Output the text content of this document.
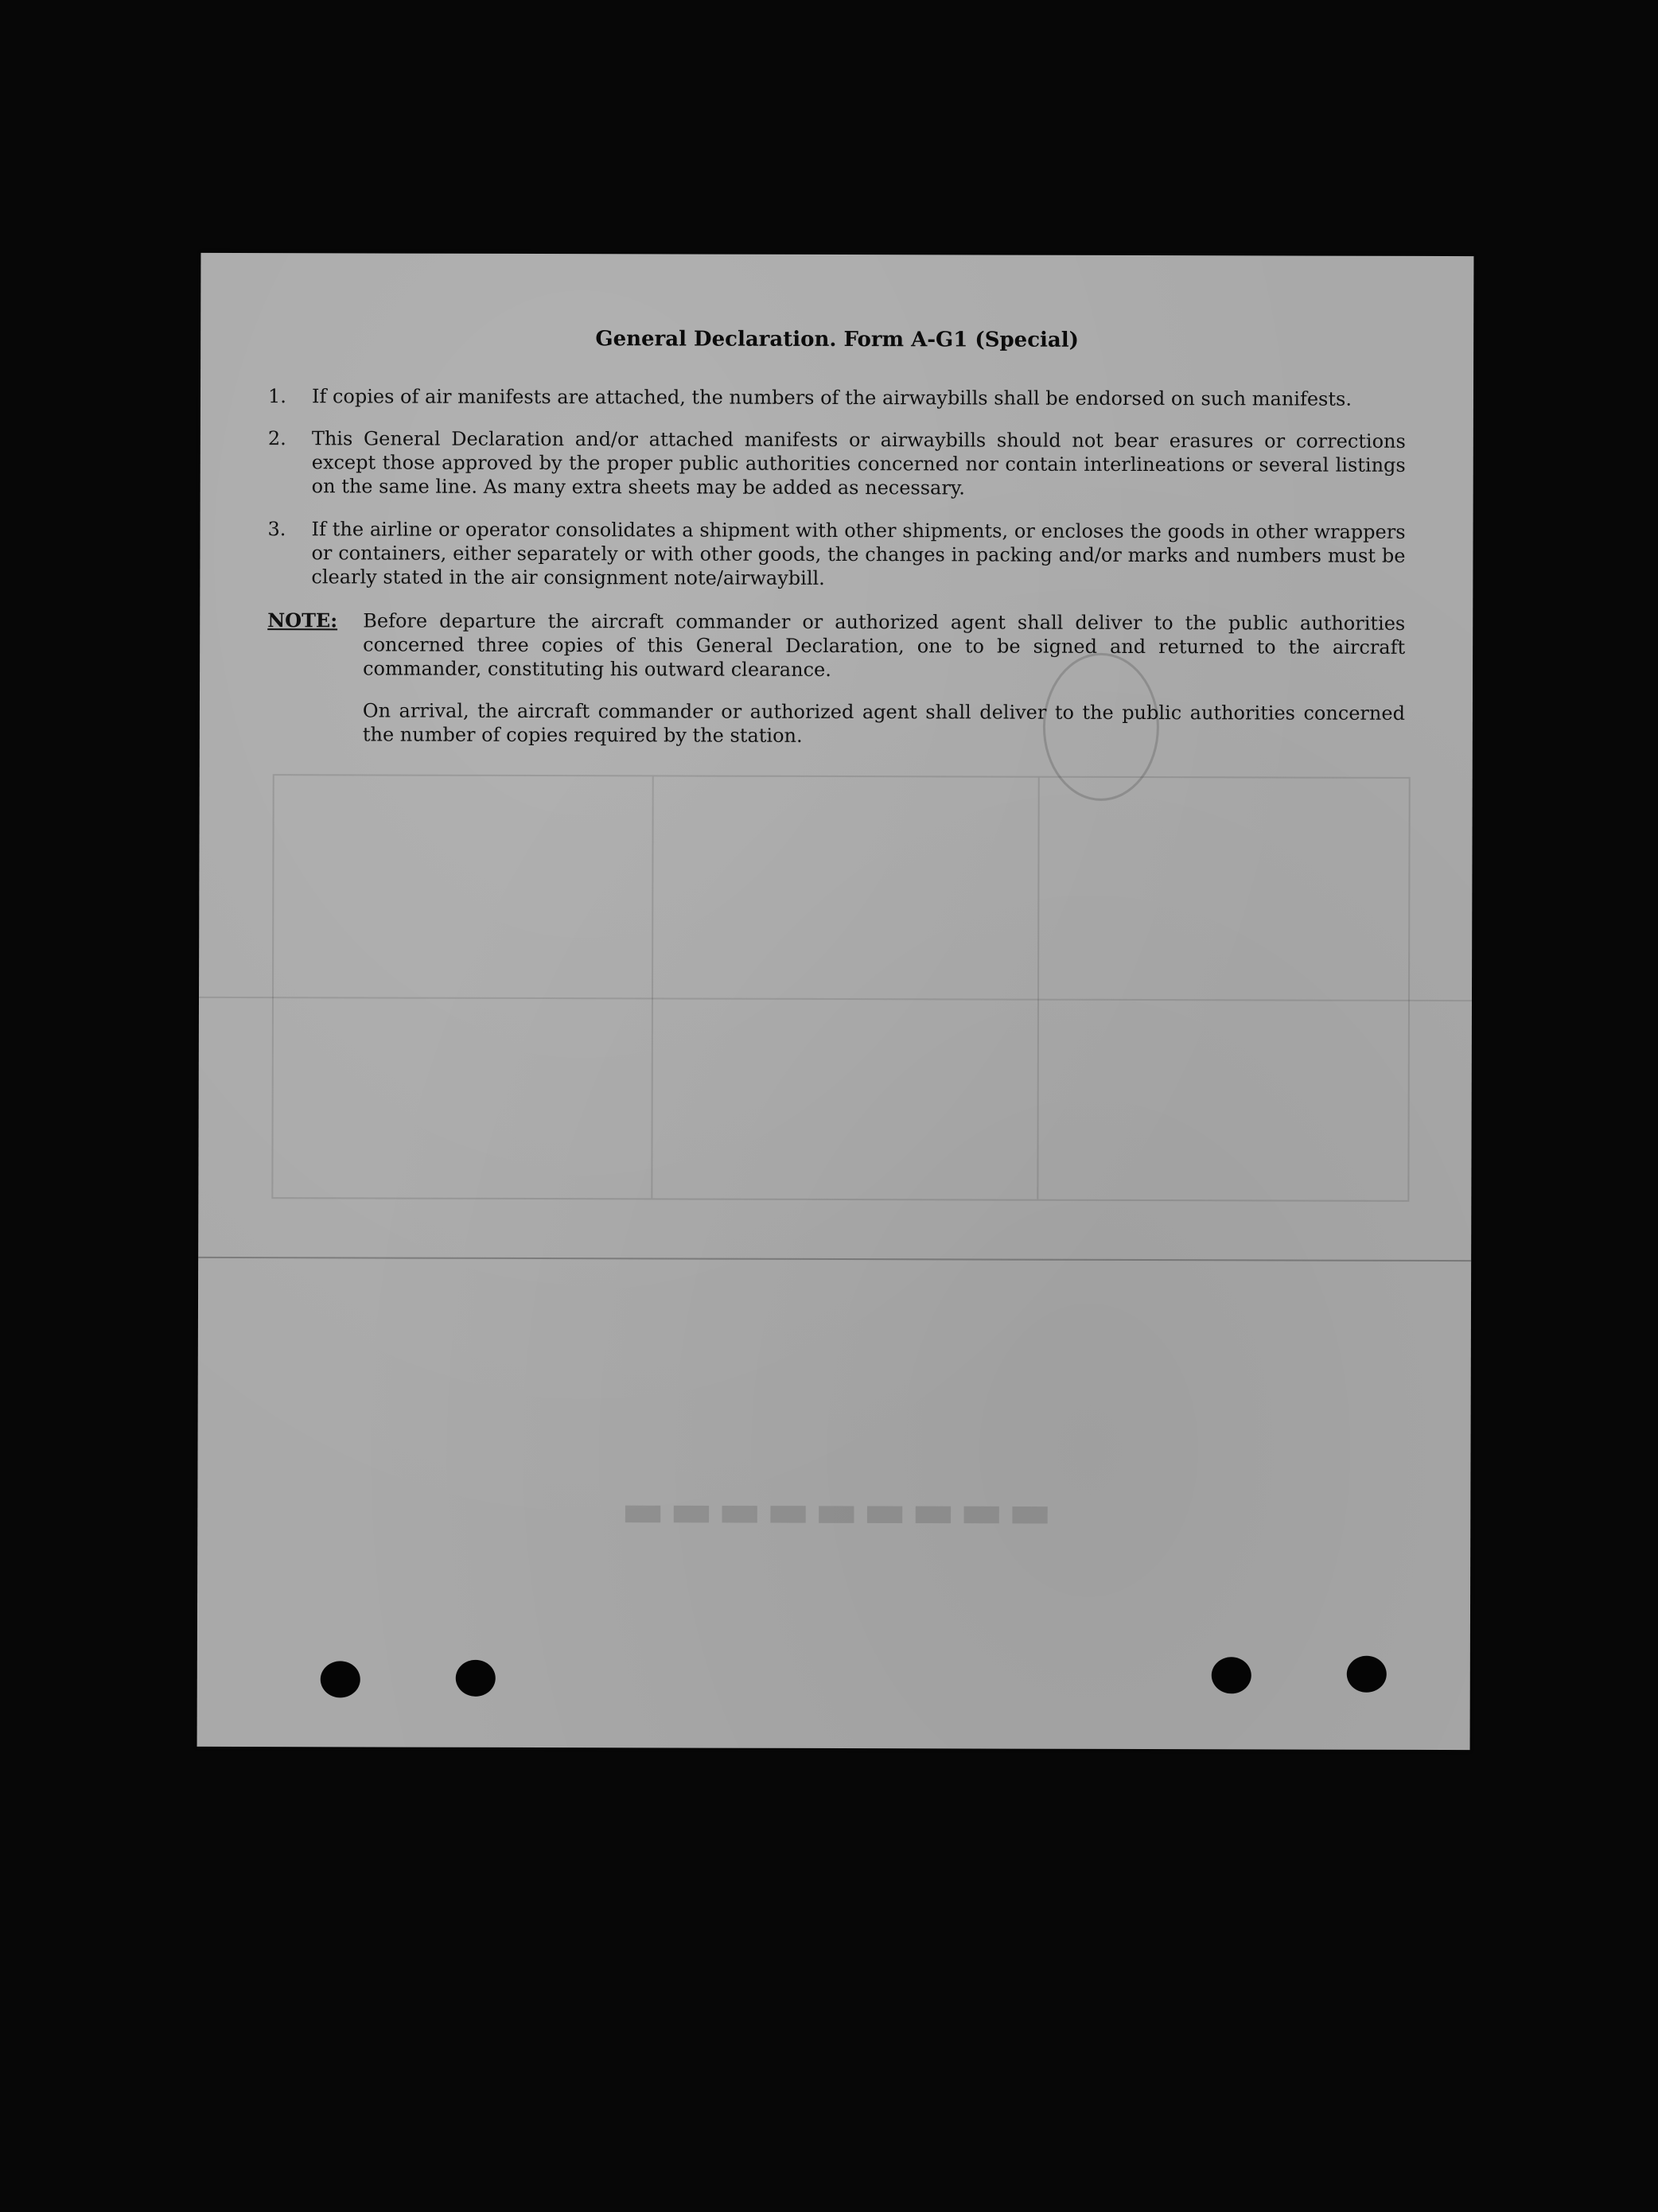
▬▬▬▬▬▬▬▬▬
General Declaration. Form A-G1 (Special)
1. If copies of air manifests are attached, the numbers of the airwaybills shall be endorsed on such manifests.
2. This General Declaration and/or attached manifests or airwaybills should not bear erasures or corrections except those approved by the proper public authorities concerned nor contain interlineations or several listings on the same line. As many extra sheets may be added as necessary.
3. If the airline or operator consolidates a shipment with other shipments, or encloses the goods in other wrappers or containers, either separately or with other goods, the changes in packing and/or marks and numbers must be clearly stated in the air consignment note/airwaybill.
NOTE: Before departure the aircraft commander or authorized agent shall deliver to the public authorities concerned three copies of this General Declaration, one to be signed and returned to the aircraft commander, constituting his outward clearance.
On arrival, the aircraft commander or authorized agent shall deliver to the public authorities concerned the number of copies required by the station.
